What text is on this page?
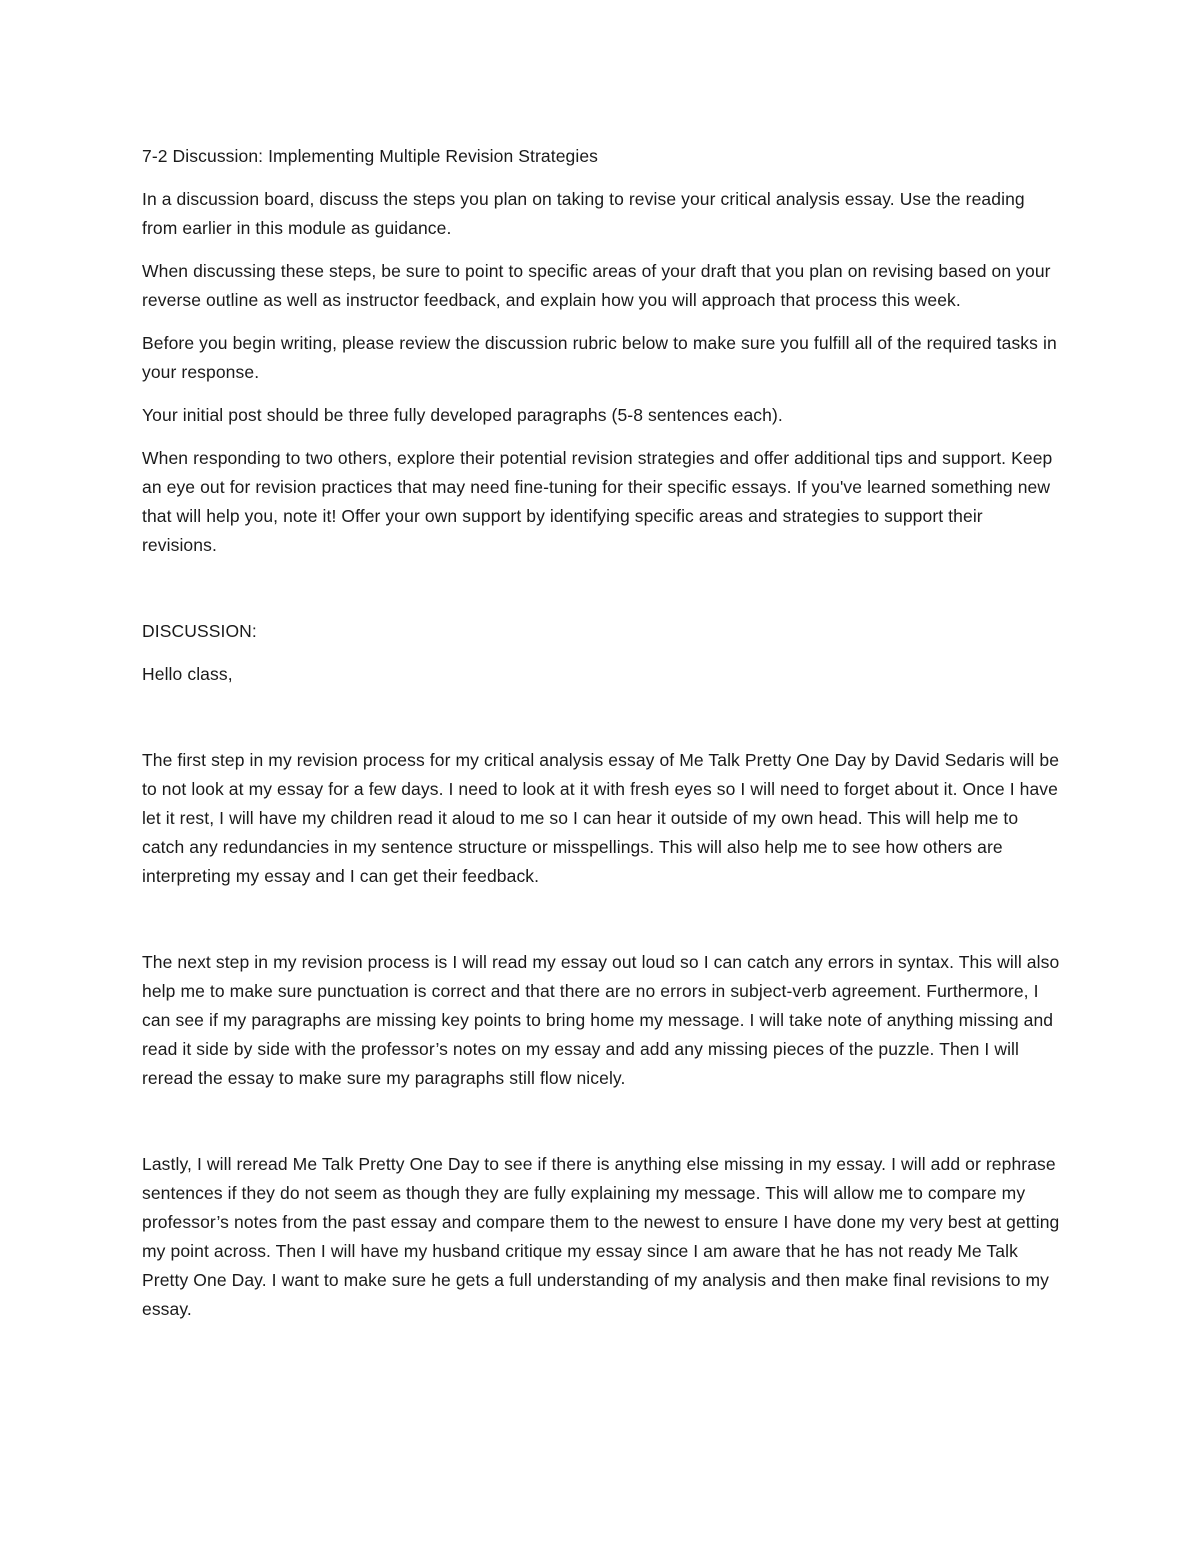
7-2 Discussion: Implementing Multiple Revision Strategies

In a discussion board, discuss the steps you plan on taking to revise your critical analysis essay. Use the reading from earlier in this module as guidance.

When discussing these steps, be sure to point to specific areas of your draft that you plan on revising based on your reverse outline as well as instructor feedback, and explain how you will approach that process this week.

Before you begin writing, please review the discussion rubric below to make sure you fulfill all of the required tasks in your response.

Your initial post should be three fully developed paragraphs (5-8 sentences each).

When responding to two others, explore their potential revision strategies and offer additional tips and support. Keep an eye out for revision practices that may need fine-tuning for their specific essays. If you've learned something new that will help you, note it! Offer your own support by identifying specific areas and strategies to support their revisions.

DISCUSSION:

Hello class,

The first step in my revision process for my critical analysis essay of Me Talk Pretty One Day by David Sedaris will be to not look at my essay for a few days. I need to look at it with fresh eyes so I will need to forget about it. Once I have let it rest, I will have my children read it aloud to me so I can hear it outside of my own head. This will help me to catch any redundancies in my sentence structure or misspellings. This will also help me to see how others are interpreting my essay and I can get their feedback.

The next step in my revision process is I will read my essay out loud so I can catch any errors in syntax. This will also help me to make sure punctuation is correct and that there are no errors in subject-verb agreement. Furthermore, I can see if my paragraphs are missing key points to bring home my message. I will take note of anything missing and read it side by side with the professor’s notes on my essay and add any missing pieces of the puzzle. Then I will reread the essay to make sure my paragraphs still flow nicely.

Lastly, I will reread Me Talk Pretty One Day to see if there is anything else missing in my essay. I will add or rephrase sentences if they do not seem as though they are fully explaining my message. This will allow me to compare my professor’s notes from the past essay and compare them to the newest to ensure I have done my very best at getting my point across. Then I will have my husband critique my essay since I am aware that he has not ready Me Talk Pretty One Day. I want to make sure he gets a full understanding of my analysis and then make final revisions to my essay.
